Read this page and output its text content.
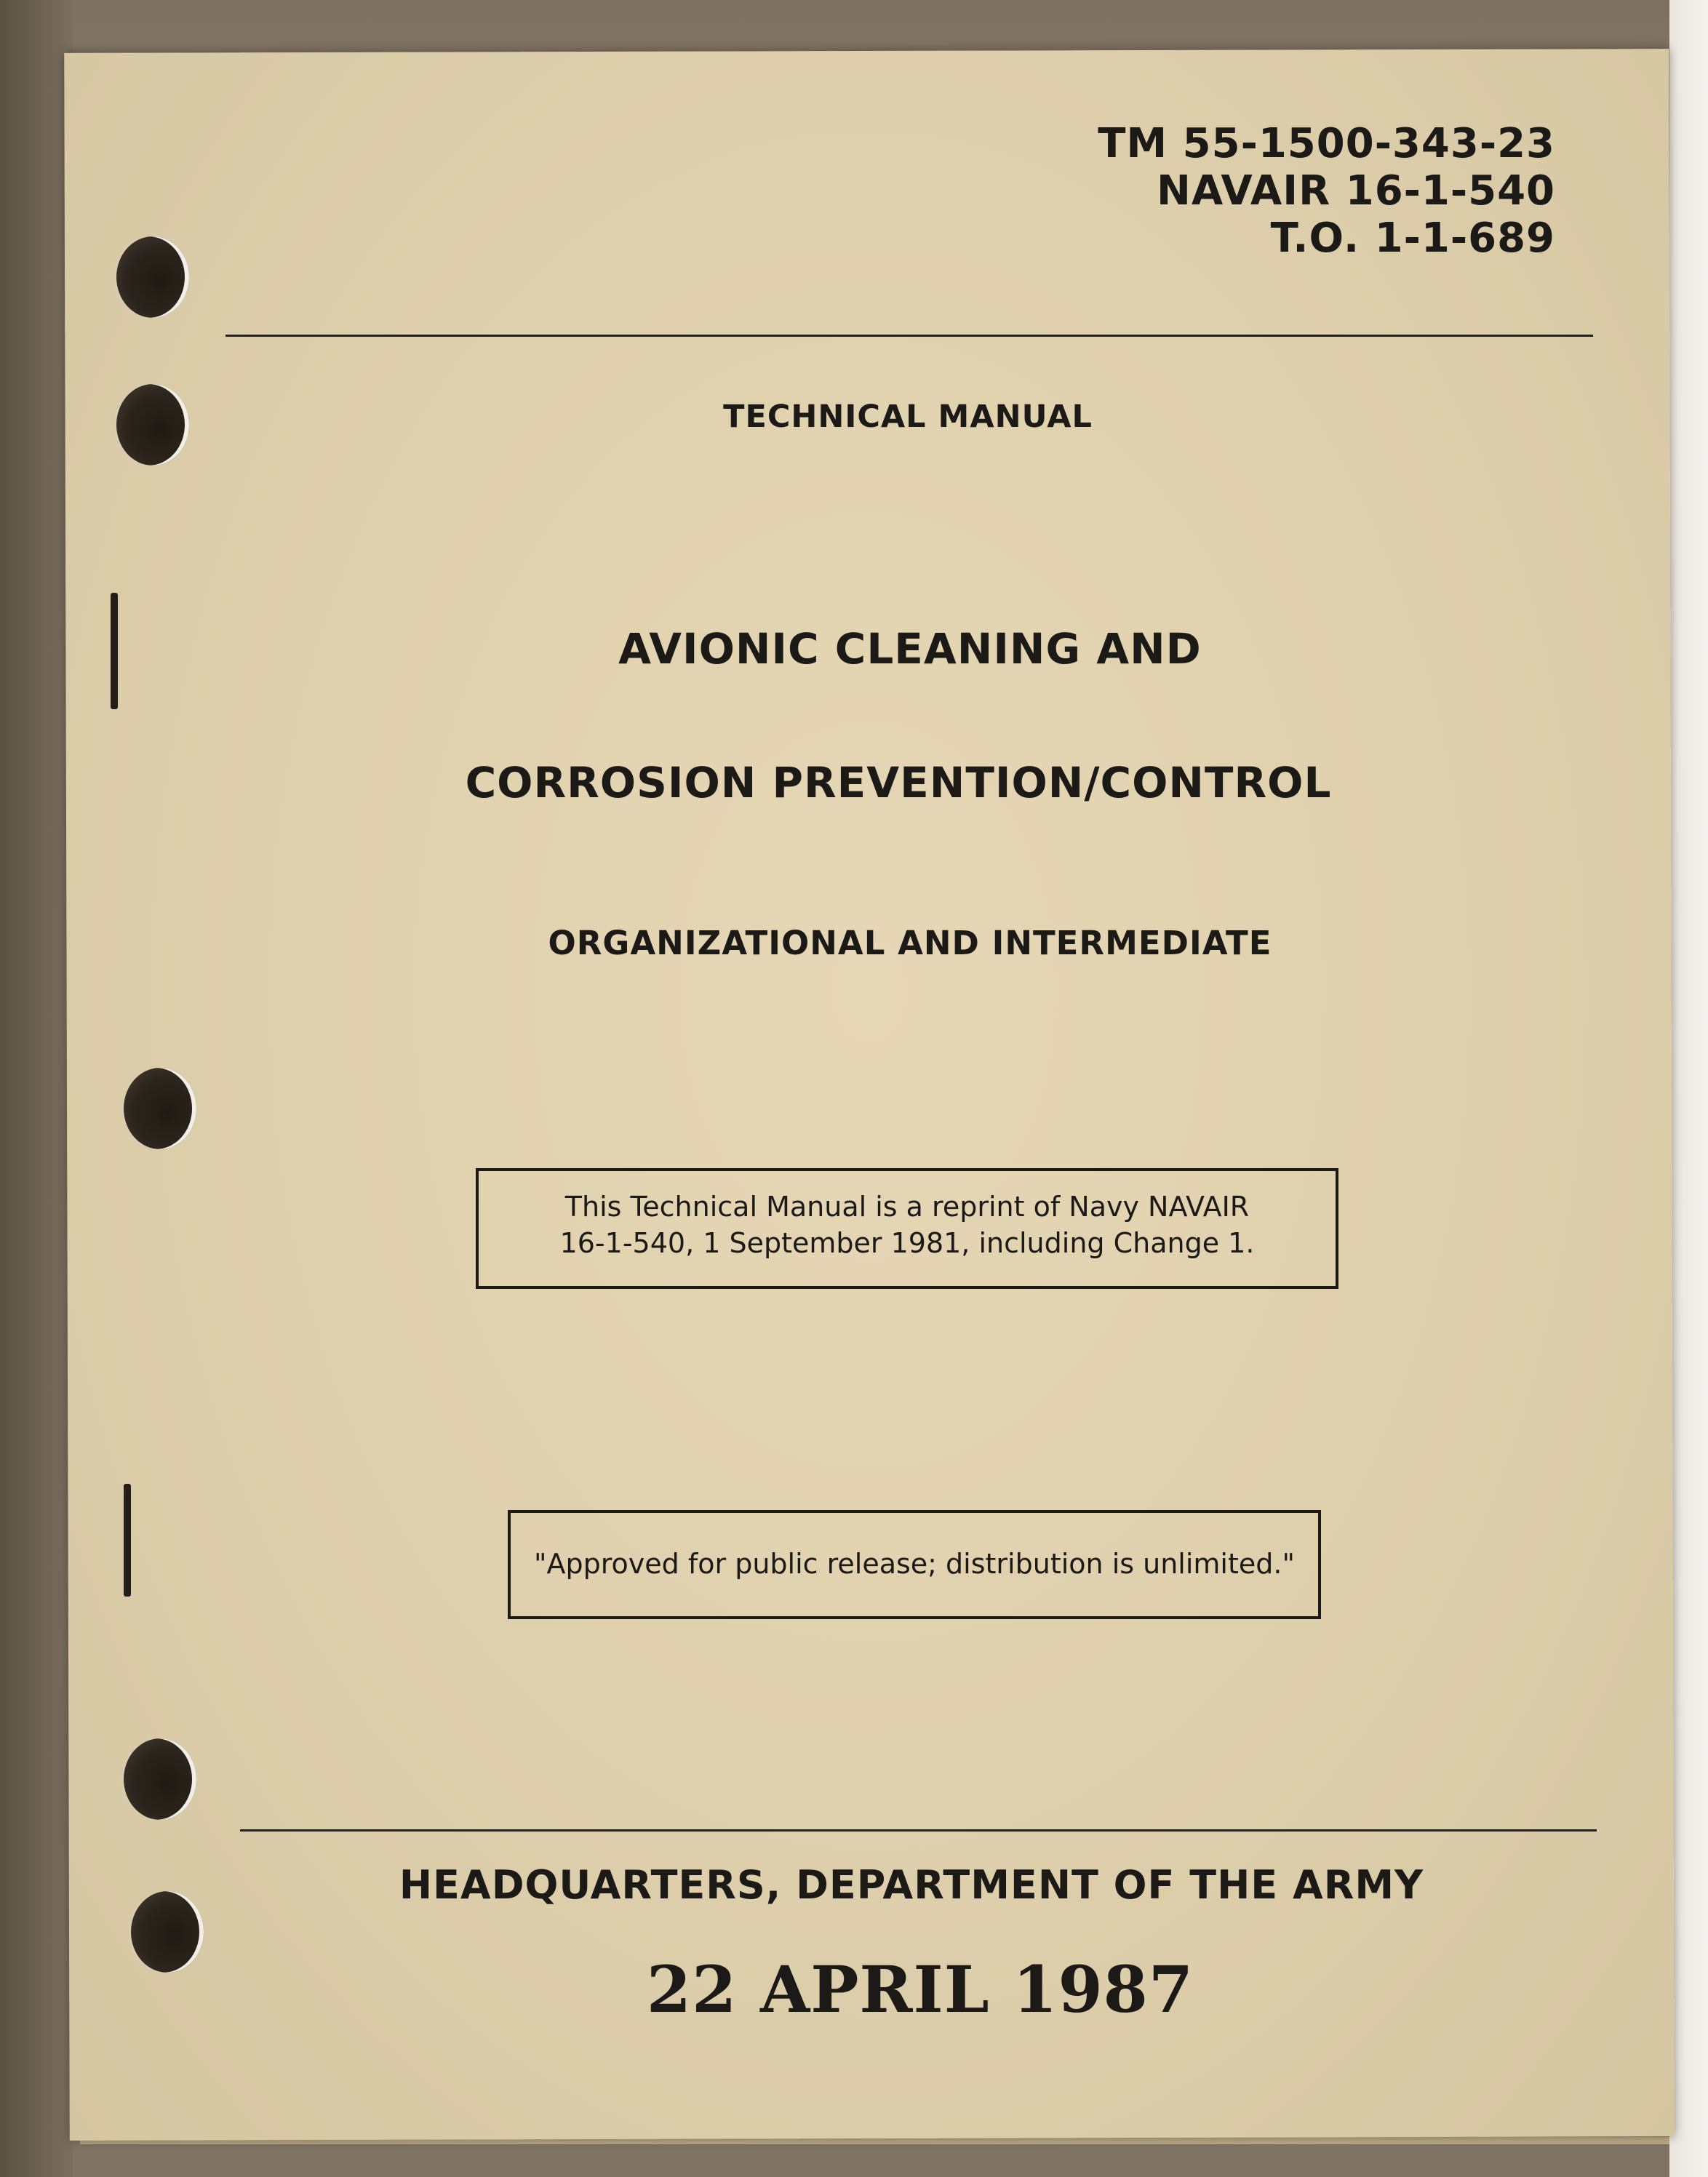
TM 55-1500-343-23
NAVAIR 16-1-540
T.O. 1-1-689
TECHNICAL MANUAL
AVIONIC CLEANING AND
CORROSION PREVENTION/CONTROL
ORGANIZATIONAL AND INTERMEDIATE
This Technical Manual is a reprint of Navy NAVAIR
16-1-540, 1 September 1981, including Change 1.
"Approved for public release; distribution is unlimited."
HEADQUARTERS, DEPARTMENT OF THE ARMY
22 APRIL 1987
